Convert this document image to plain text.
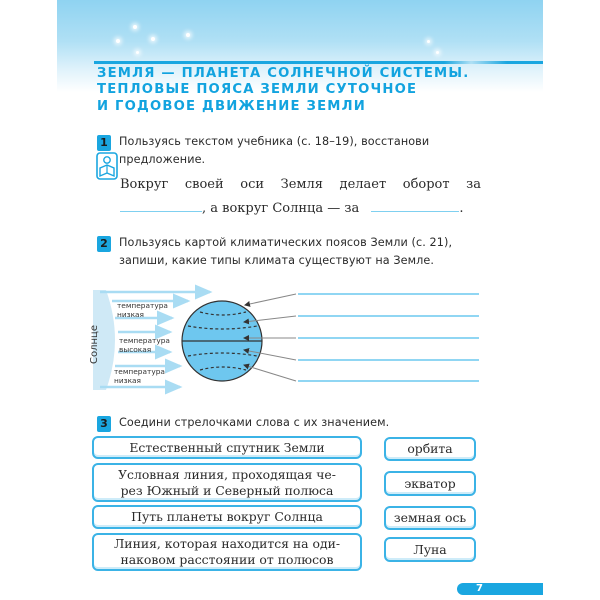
ЗЕМЛЯ — ПЛАНЕТА СОЛНЕЧНОЙ СИСТЕМЫ.
ТЕПЛОВЫЕ ПОЯСА ЗЕМЛИ СУТОЧНОЕ
И ГОДОВОЕ ДВИЖЕНИЕ ЗЕМЛИ
1 Пользуясь текстом учебника (с. 18–19), восстанови
предложение.
Вокруг своей оси Земля делает оборот за
, а вокруг Солнца — за	.
2 Пользуясь картой климатических поясов Земли (с. 21),
запиши, какие типы климата существуют на Земле.
Солнце
температура
низкая
температура
высокая
температура
низкая
3 Соедини стрелочками слова с их значением.
Естественный спутник Земли
Условная линия, проходящая че-
рез Южный и Северный полюса
Путь планеты вокруг Солнца
Линия, которая находится на оди-
наковом расстоянии от полюсов
орбита
экватор
земная ось
Луна
7
